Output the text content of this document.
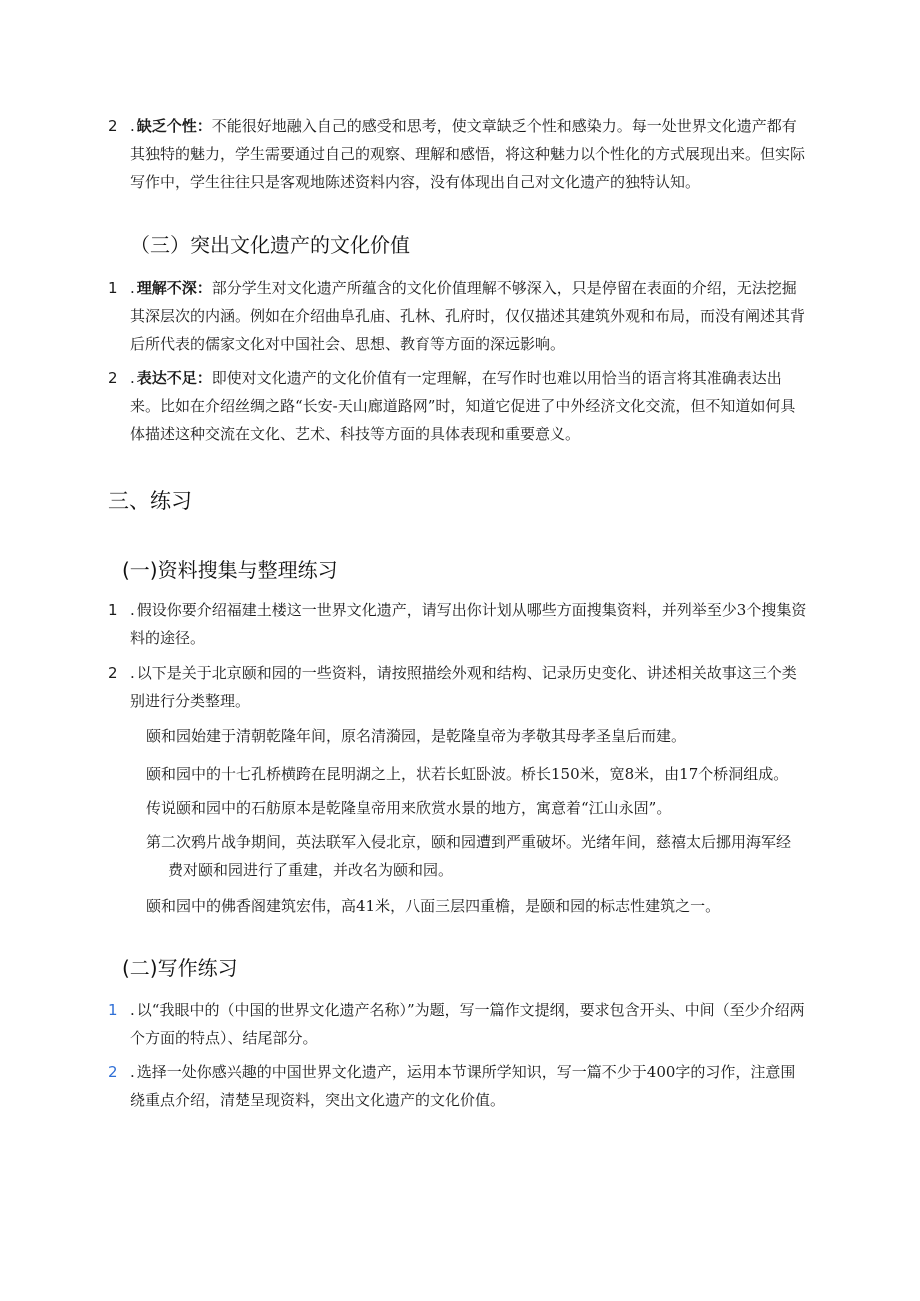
2 . 缺乏个性：不能很好地融入自己的感受和思考，使文章缺乏个性和感染力。每一处世界文化遗产都有其独特的魅力，学生需要通过自己的观察、理解和感悟，将这种魅力以个性化的方式展现出来。但实际写作中，学生往往只是客观地陈述资料内容，没有体现出自己对文化遗产的独特认知。
（三）突出文化遗产的文化价值
1 . 理解不深：部分学生对文化遗产所蕴含的文化价值理解不够深入，只是停留在表面的介绍，无法挖掘其深层次的内涵。例如在介绍曲阜孔庙、孔林、孔府时，仅仅描述其建筑外观和布局，而没有阐述其背后所代表的儒家文化对中国社会、思想、教育等方面的深远影响。
2 . 表达不足：即使对文化遗产的文化价值有一定理解，在写作时也难以用恰当的语言将其准确表达出来。比如在介绍丝绸之路“长安-天山廊道路网”时，知道它促进了中外经济文化交流，但不知道如何具体描述这种交流在文化、艺术、科技等方面的具体表现和重要意义。
三、练习
(一)资料搜集与整理练习
1 . 假设你要介绍福建土楼这一世界文化遗产，请写出你计划从哪些方面搜集资料，并列举至少3个搜集资料的途径。
2 . 以下是关于北京颐和园的一些资料，请按照描绘外观和结构、记录历史变化、讲述相关故事这三个类别进行分类整理。
颐和园始建于清朝乾隆年间，原名清漪园，是乾隆皇帝为孝敬其母孝圣皇后而建。
颐和园中的十七孔桥横跨在昆明湖之上，状若长虹卧波。桥长150米，宽8米，由17个桥洞组成。
传说颐和园中的石舫原本是乾隆皇帝用来欣赏水景的地方，寓意着“江山永固”。
第二次鸦片战争期间，英法联军入侵北京，颐和园遭到严重破坏。光绪年间，慈禧太后挪用海军经
费对颐和园进行了重建，并改名为颐和园。
颐和园中的佛香阁建筑宏伟，高41米，八面三层四重檐，是颐和园的标志性建筑之一。
(二)写作练习
1 . 以“我眼中的（中国的世界文化遗产名称）”为题，写一篇作文提纲，要求包含开头、中间（至少介绍两个方面的特点）、结尾部分。
2 . 选择一处你感兴趣的中国世界文化遗产，运用本节课所学知识，写一篇不少于400字的习作，注意围绕重点介绍，清楚呈现资料，突出文化遗产的文化价值。
